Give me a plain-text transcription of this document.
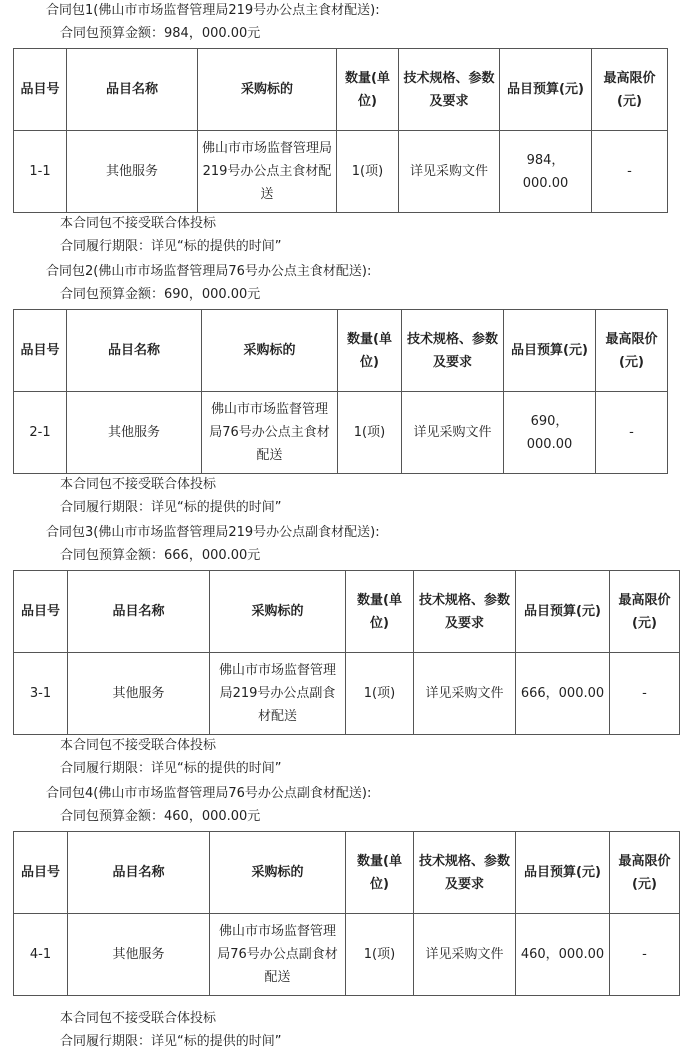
合同包1(佛山市市场监督管理局219号办公点主食材配送):
合同包预算金额：984，000.00元
品目号	品目名称	采购标的	数量(单位)	技术规格、参数及要求	品目预算(元)	最高限价(元)
1-1	其他服务	佛山市市场监督管理局219号办公点主食材配送	1(项)	详见采购文件	984，000.00	-
本合同包不接受联合体投标
合同履行期限：详见“标的提供的时间”
合同包2(佛山市市场监督管理局76号办公点主食材配送):
合同包预算金额：690，000.00元
品目号	品目名称	采购标的	数量(单位)	技术规格、参数及要求	品目预算(元)	最高限价(元)
2-1	其他服务	佛山市市场监督管理局76号办公点主食材配送	1(项)	详见采购文件	690，000.00	-
本合同包不接受联合体投标
合同履行期限：详见“标的提供的时间”
合同包3(佛山市市场监督管理局219号办公点副食材配送):
合同包预算金额：666，000.00元
品目号	品目名称	采购标的	数量(单位)	技术规格、参数及要求	品目预算(元)	最高限价(元)
3-1	其他服务	佛山市市场监督管理局219号办公点副食材配送	1(项)	详见采购文件	666，000.00	-
本合同包不接受联合体投标
合同履行期限：详见“标的提供的时间”
合同包4(佛山市市场监督管理局76号办公点副食材配送):
合同包预算金额：460，000.00元
品目号	品目名称	采购标的	数量(单位)	技术规格、参数及要求	品目预算(元)	最高限价(元)
4-1	其他服务	佛山市市场监督管理局76号办公点副食材配送	1(项)	详见采购文件	460，000.00	-
本合同包不接受联合体投标
合同履行期限：详见“标的提供的时间”
